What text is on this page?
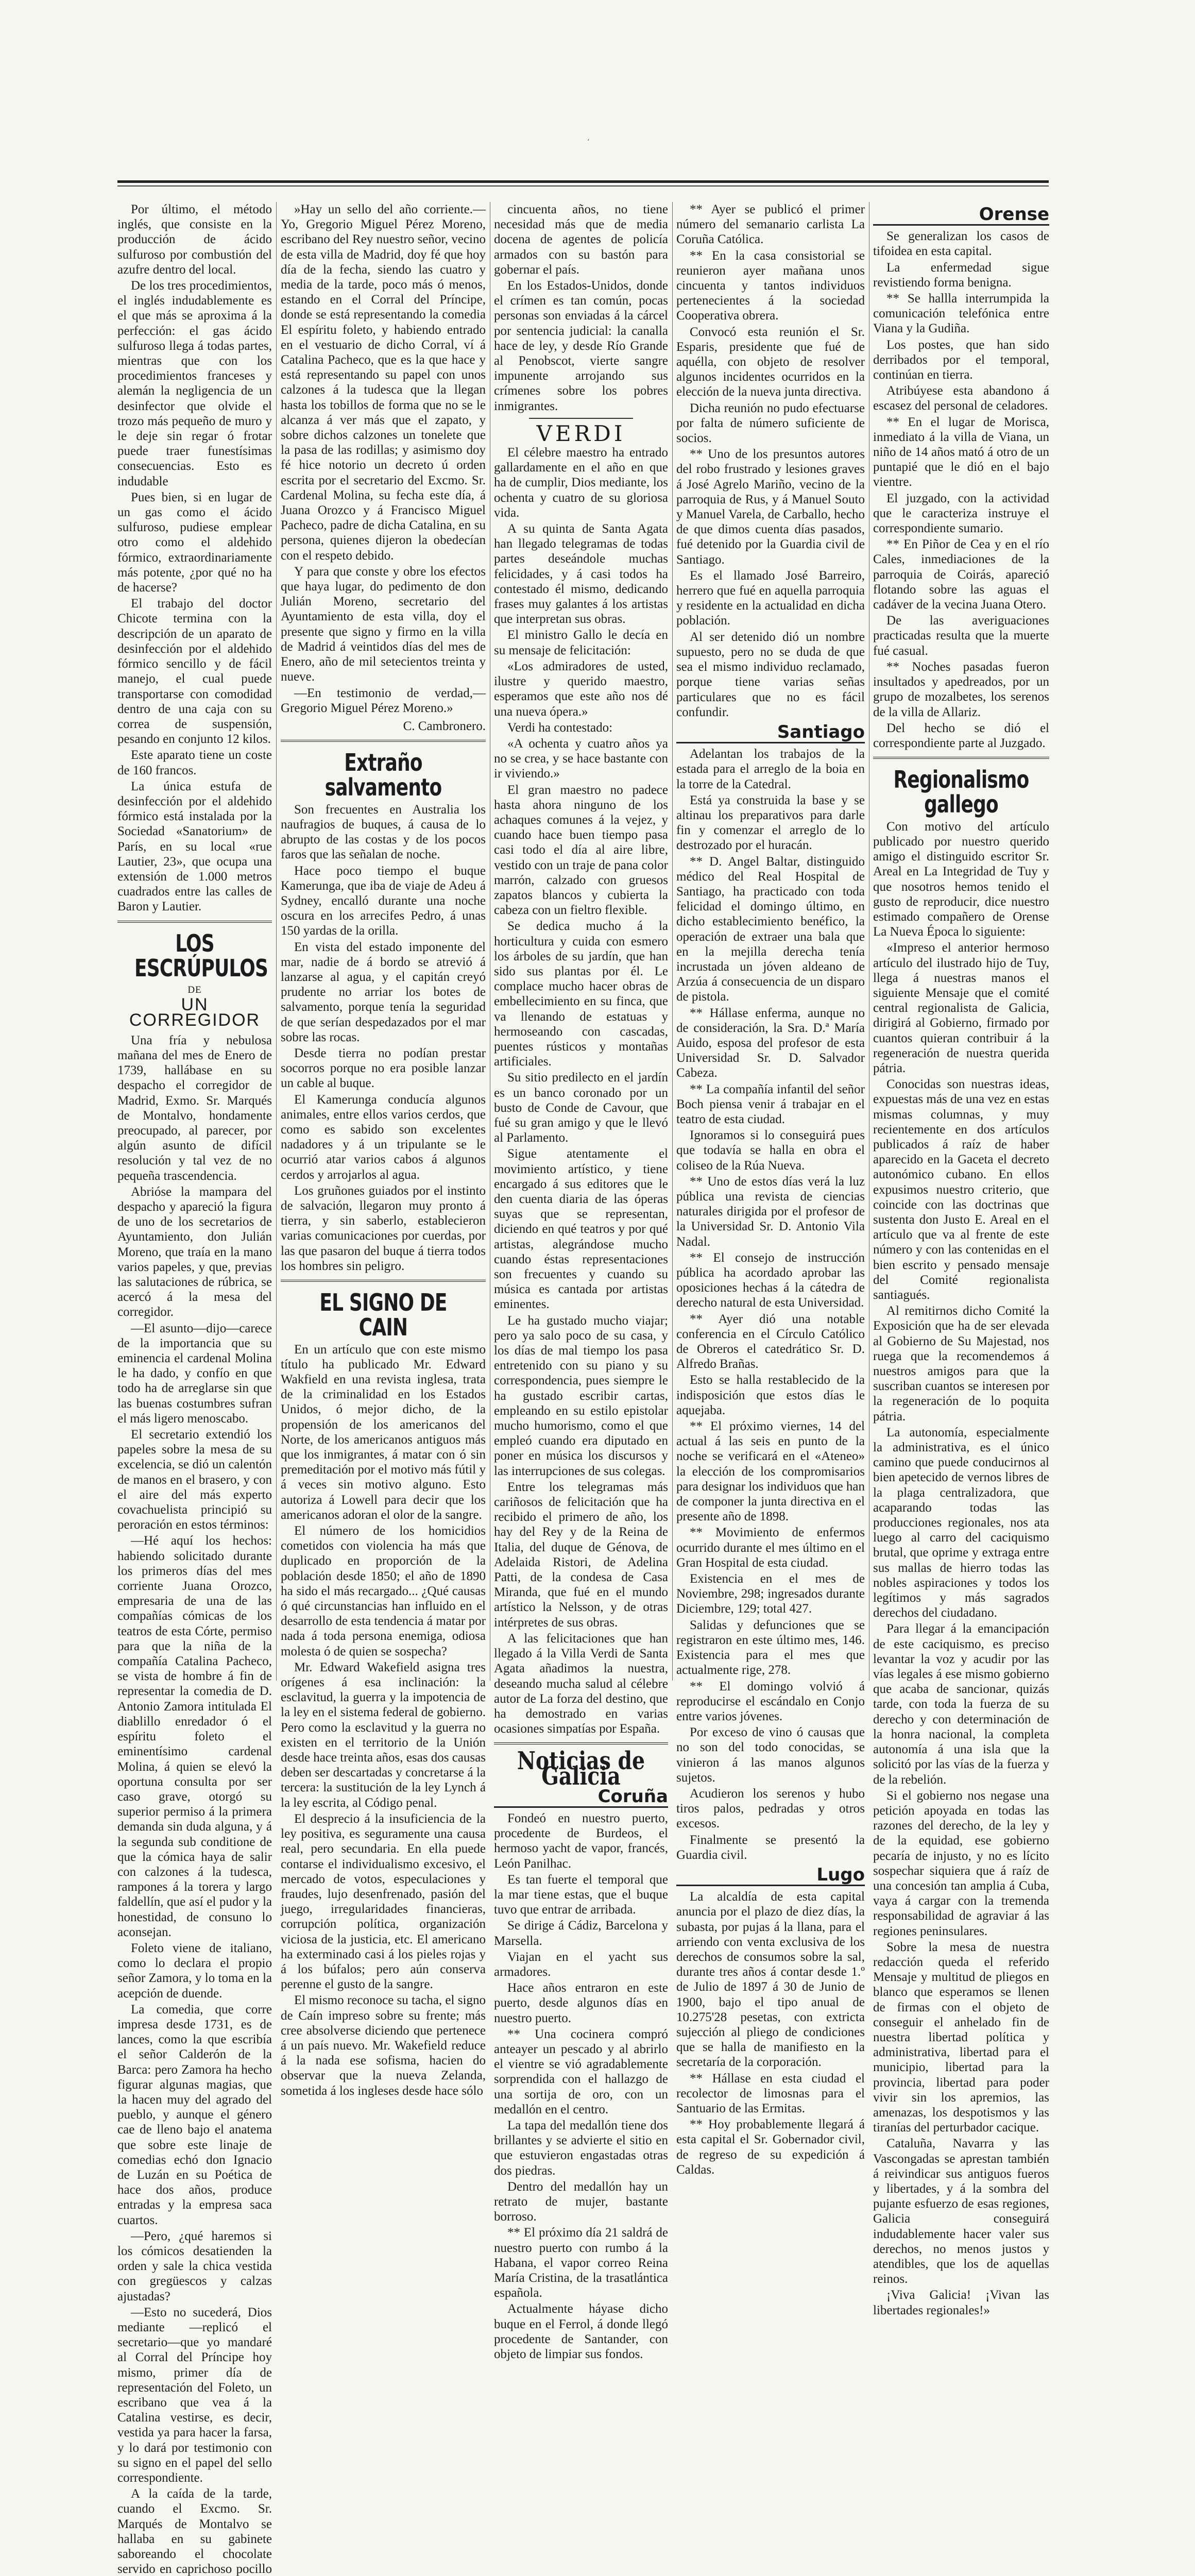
‘

Por último, el método inglés, que consiste en la producción de ácido sulfuroso por combustión del azufre dentro del local.

De los tres procedimientos, el inglés indudablemente es el que más se aproxima á la perfección: el gas ácido sulfuroso llega á todas partes, mientras que con los procedimientos franceses y alemán la negligencia de un desinfector que olvide el trozo más pequeño de muro y le deje sin regar ó frotar puede traer funestísimas consecuencias. Esto es indudable

Pues bien, si en lugar de un gas como el ácido sulfuroso, pudiese emplear otro como el aldehido fórmico, extraordinariamente más potente, ¿por qué no ha de hacerse?

El trabajo del doctor Chicote termina con la descripción de un aparato de desinfección por el aldehido fórmico sencillo y de fácil manejo, el cual puede transportarse con comodidad dentro de una caja con su correa de suspensión, pesando en conjunto 12 kilos.

Este aparato tiene un coste de 160 francos.

La única estufa de desinfección por el aldehido fórmico está instalada por la Sociedad «Sanatorium» de París, en su local «rue Lautier, 23», que ocupa una extensión de 1.000 metros cuadrados entre las calles de Baron y Lautier.

LOS ESCRÚPULOS
DE
UN CORREGIDOR

Una fría y nebulosa mañana del mes de Enero de 1739, hallábase en su despacho el corregidor de Madrid, Exmo. Sr. Marqués de Montalvo, hondamente preocupado, al parecer, por algún asunto de difícil resolución y tal vez de no pequeña trascendencia.

Abrióse la mampara del despacho y apareció la figura de uno de los secretarios de Ayuntamiento, don Julián Moreno, que traía en la mano varios papeles, y que, previas las salutaciones de rúbrica, se acercó á la mesa del corregidor.

—El asunto—dijo—carece de la importancia que su eminencia el cardenal Molina le ha dado, y confío en que todo ha de arreglarse sin que las buenas costumbres sufran el más ligero menoscabo.

El secretario extendió los papeles sobre la mesa de su excelencia, se dió un calentón de manos en el brasero, y con el aire del más experto covachuelista principió su peroración en estos términos:

—Hé aquí los hechos: habiendo solicitado durante los primeros días del mes corriente Juana Orozco, empresaria de una de las compañías cómicas de los teatros de esta Córte, permiso para que la niña de la compañía Catalina Pacheco, se vista de hombre á fin de representar la comedia de D. Antonio Zamora intitulada El diablillo enredador ó el espíritu foleto el eminentísimo cardenal Molina, á quien se elevó la oportuna consulta por ser caso grave, otorgó su superior permiso á la primera demanda sin duda alguna, y á la segunda sub conditione de que la cómica haya de salir con calzones á la tudesca, rampones á la torera y largo faldellín, que así el pudor y la honestidad, de consuno lo aconsejan.

Foleto viene de italiano, como lo declara el propio señor Zamora, y lo toma en la acepción de duende.

La comedia, que corre impresa desde 1731, es de lances, como la que escribía el señor Calderón de la Barca: pero Zamora ha hecho figurar algunas magias, que la hacen muy del agrado del pueblo, y aunque el género cae de lleno bajo el anatema que sobre este linaje de comedias echó don Ignacio de Luzán en su Poética de hace dos años, produce entradas y la empresa saca cuartos.

—Pero, ¿qué haremos si los cómicos desatienden la orden y sale la chica vestida con gregüescos y calzas ajustadas?

—Esto no sucederá, Dios mediante —replicó el secretario—que yo mandaré al Corral del Príncipe hoy mismo, primer día de representación del Foleto, un escribano que vea á la Catalina vestirse, es decir, vestida ya para hacer la farsa, y lo dará por testimonio con su signo en el papel del sello correspondiente.

A la caída de la tarde, cuando el Excmo. Sr. Marqués de Montalvo se hallaba en su gabinete saboreando el chocolate servido en caprichoso pocillo

»Hay un sello del año corriente.—Yo, Gregorio Miguel Pérez Moreno, escribano del Rey nuestro señor, vecino de esta villa de Madrid, doy fé que hoy día de la fecha, siendo las cuatro y media de la tarde, poco más ó menos, estando en el Corral del Príncipe, donde se está representando la comedia El espíritu foleto, y habiendo entrado en el vestuario de dicho Corral, ví á Catalina Pacheco, que es la que hace y está representando su papel con unos calzones á la tudesca que la llegan hasta los tobillos de forma que no se le alcanza á ver más que el zapato, y sobre dichos calzones un tonelete que la pasa de las rodillas; y asimismo doy fé hice notorio un decreto ú orden escrita por el secretario del Excmo. Sr. Cardenal Molina, su fecha este día, á Juana Orozco y á Francisco Miguel Pacheco, padre de dicha Catalina, en su persona, quienes dijeron la obedecían con el respeto debido.

Y para que conste y obre los efectos que haya lugar, do pedimento de don Julián Moreno, secretario del Ayuntamiento de esta villa, doy el presente que signo y firmo en la villa de Madrid á veintidos días del mes de Enero, año de mil setecientos treinta y nueve.

—En testimonio de verdad,—Gregorio Miguel Pérez Moreno.»

C. Cambronero.

Extraño salvamento

Son frecuentes en Australia los naufragios de buques, á causa de lo abrupto de las costas y de los pocos faros que las señalan de noche.

Hace poco tiempo el buque Kamerunga, que iba de viaje de Adeu á Sydney, encalló durante una noche oscura en los arrecifes Pedro, á unas 150 yardas de la orilla.

En vista del estado imponente del mar, nadie de á bordo se atrevió á lanzarse al agua, y el capitán creyó prudente no arriar los botes de salvamento, porque tenía la seguridad de que serían despedazados por el mar sobre las rocas.

Desde tierra no podían prestar socorros porque no era posible lanzar un cable al buque.

El Kamerunga conducía algunos animales, entre ellos varios cerdos, que como es sabido son excelentes nadadores y á un tripulante se le ocurrió atar varios cabos á algunos cerdos y arrojarlos al agua.

Los gruñones guiados por el instinto de salvación, llegaron muy pronto á tierra, y sin saberlo, establecieron varias comunicaciones por cuerdas, por las que pasaron del buque á tierra todos los hombres sin peligro.

EL SIGNO DE CAIN

En un artículo que con este mismo título ha publicado Mr. Edward Wakfield en una revista inglesa, trata de la criminalidad en los Estados Unidos, ó mejor dicho, de la propensión de los americanos del Norte, de los americanos antiguos más que los inmigrantes, á matar con ó sin premeditación por el motivo más fútil y á veces sin motivo alguno. Esto autoriza á Lowell para decir que los americanos adoran el olor de la sangre.

El número de los homicidios cometidos con violencia ha más que duplicado en proporción de la población desde 1850; el año de 1890 ha sido el más recargado... ¿Qué causas ó qué circunstancias han influido en el desarrollo de esta tendencia á matar por nada á toda persona enemiga, odiosa molesta ó de quien se sospecha?

Mr. Edward Wakefield asigna tres orígenes á esa inclinación: la esclavitud, la guerra y la impotencia de la ley en el sistema federal de gobierno. Pero como la esclavitud y la guerra no existen en el territorio de la Unión desde hace treinta años, esas dos causas deben ser descartadas y concretarse á la tercera: la sustitución de la ley Lynch á la ley escrita, al Código penal.

El desprecio á la insuficiencia de la ley positiva, es seguramente una causa real, pero secundaria. En ella puede contarse el individualismo excesivo, el mercado de votos, especulaciones y fraudes, lujo desenfrenado, pasión del juego, irregularidades financieras, corrupción política, organización viciosa de la justicia, etc. El americano ha exterminado casi á los pieles rojas y á los búfalos; pero aún conserva perenne el gusto de la sangre.

El mismo reconoce su tacha, el signo de Caín impreso sobre su frente; más cree absolverse diciendo que pertenece á un país nuevo. Mr. Wakefield reduce á la nada ese sofisma, hacien do observar que la nueva Zelanda, sometida á los ingleses desde hace sólo

cincuenta años, no tiene necesidad más que de media docena de agentes de policía armados con su bastón para gobernar el país.

En los Estados-Unidos, donde el crímen es tan común, pocas personas son enviadas á la cárcel por sentencia judicial: la canalla hace de ley, y desde Río Grande al Penobscot, vierte sangre impunente arrojando sus crímenes sobre los pobres inmigrantes.

VERDI

El célebre maestro ha entrado gallardamente en el año en que ha de cumplir, Dios mediante, los ochenta y cuatro de su gloriosa vida.

A su quinta de Santa Agata han llegado telegramas de todas partes deseándole muchas felicidades, y á casi todos ha contestado él mismo, dedicando frases muy galantes á los artistas que interpretan sus obras.

El ministro Gallo le decía en su mensaje de felicitación:

«Los admiradores de usted, ilustre y querido maestro, esperamos que este año nos dé una nueva ópera.»

Verdi ha contestado:

«A ochenta y cuatro años ya no se crea, y se hace bastante con ir viviendo.»

El gran maestro no padece hasta ahora ninguno de los achaques comunes á la vejez, y cuando hace buen tiempo pasa casi todo el día al aire libre, vestido con un traje de pana color marrón, calzado con gruesos zapatos blancos y cubierta la cabeza con un fieltro flexible.

Se dedica mucho á la horticultura y cuida con esmero los árboles de su jardín, que han sido sus plantas por él. Le complace mucho hacer obras de embellecimiento en su finca, que va llenando de estatuas y hermoseando con cascadas, puentes rústicos y montañas artificiales.

Su sitio predilecto en el jardín es un banco coronado por un busto de Conde de Cavour, que fué su gran amigo y que le llevó al Parlamento.

Sigue atentamente el movimiento artístico, y tiene encargado á sus editores que le den cuenta diaria de las óperas suyas que se representan, diciendo en qué teatros y por qué artistas, alegrándose mucho cuando éstas representaciones son frecuentes y cuando su música es cantada por artistas eminentes.

Le ha gustado mucho viajar; pero ya salo poco de su casa, y los días de mal tiempo los pasa entretenido con su piano y su correspondencia, pues siempre le ha gustado escribir cartas, empleando en su estilo epistolar mucho humorismo, como el que empleó cuando era diputado en poner en música los discursos y las interrupciones de sus colegas.

Entre los telegramas más cariñosos de felicitación que ha recibido el primero de año, los hay del Rey y de la Reina de Italia, del duque de Génova, de Adelaida Ristori, de Adelina Patti, de la condesa de Casa Miranda, que fué en el mundo artístico la Nelsson, y de otras intérpretes de sus obras.

A las felicitaciones que han llegado á la Villa Verdi de Santa Agata añadimos la nuestra, deseando mucha salud al célebre autor de La forza del destino, que ha demostrado en varias ocasiones simpatías por España.

Noticias de Galicia
Coruña

Fondeó en nuestro puerto, procedente de Burdeos, el hermoso yacht de vapor, francés, León Panilhac.

Es tan fuerte el temporal que la mar tiene estas, que el buque tuvo que entrar de arribada.

Se dirige á Cádiz, Barcelona y Marsella.

Viajan en el yacht sus armadores.

Hace años entraron en este puerto, desde algunos días en nuestro puerto.

** Una cocinera compró anteayer un pescado y al abrirlo el vientre se vió agradablemente sorprendida con el hallazgo de una sortija de oro, con un medallón en el centro.

La tapa del medallón tiene dos brillantes y se advierte el sitio en que estuvieron engastadas otras dos piedras.

Dentro del medallón hay un retrato de mujer, bastante borroso.

** El próximo día 21 saldrá de nuestro puerto con rumbo á la Habana, el vapor correo Reina María Cristina, de la trasatlántica española.

Actualmente háyase dicho buque en el Ferrol, á donde llegó procedente de Santander, con objeto de limpiar sus fondos.

** Ayer se publicó el primer número del semanario carlista La Coruña Católica.

** En la casa consistorial se reunieron ayer mañana unos cincuenta y tantos individuos pertenecientes á la sociedad Cooperativa obrera.

Convocó esta reunión el Sr. Esparis, presidente que fué de aquélla, con objeto de resolver algunos incidentes ocurridos en la elección de la nueva junta directiva.

Dicha reunión no pudo efectuarse por falta de número suficiente de socios.

** Uno de los presuntos autores del robo frustrado y lesiones graves á José Agrelo Mariño, vecino de la parroquia de Rus, y á Manuel Souto y Manuel Varela, de Carballo, hecho de que dimos cuenta días pasados, fué detenido por la Guardia civil de Santiago.

Es el llamado José Barreiro, herrero que fué en aquella parroquia y residente en la actualidad en dicha población.

Al ser detenido dió un nombre supuesto, pero no se duda de que sea el mismo individuo reclamado, porque tiene varias señas particulares que no es fácil confundir.

Santiago

Adelantan los trabajos de la estada para el arreglo de la boia en la torre de la Catedral.

Está ya construida la base y se altinau los preparativos para darle fin y comenzar el arreglo de lo destrozado por el huracán.

** D. Angel Baltar, distinguido médico del Real Hospital de Santiago, ha practicado con toda felicidad el domingo último, en dicho establecimiento benéfico, la operación de extraer una bala que en la mejilla derecha tenía incrustada un jóven aldeano de Arzúa á consecuencia de un disparo de pistola.

** Hállase enferma, aunque no de consideración, la Sra. D.ª María Auido, esposa del profesor de esta Universidad Sr. D. Salvador Cabeza.

** La compañía infantil del señor Boch piensa venir á trabajar en el teatro de esta ciudad.

Ignoramos si lo conseguirá pues que todavía se halla en obra el coliseo de la Rúa Nueva.

** Uno de estos días verá la luz pública una revista de ciencias naturales dirigida por el profesor de la Universidad Sr. D. Antonio Vila Nadal.

** El consejo de instrucción pública ha acordado aprobar las oposiciones hechas á la cátedra de derecho natural de esta Universidad.

** Ayer dió una notable conferencia en el Círculo Católico de Obreros el catedrático Sr. D. Alfredo Brañas.

Esto se halla restablecido de la indisposición que estos días le aquejaba.

** El próximo viernes, 14 del actual á las seis en punto de la noche se verificará en el «Ateneo» la elección de los compromisarios para designar los individuos que han de componer la junta directiva en el presente año de 1898.

** Movimiento de enfermos ocurrido durante el mes último en el Gran Hospital de esta ciudad.

Existencia en el mes de Noviembre, 298; ingresados durante Diciembre, 129; total 427.

Salidas y defunciones que se registraron en este último mes, 146. Existencia para el mes que actualmente rige, 278.

** El domingo volvió á reproducirse el escándalo en Conjo entre varios jóvenes.

Por exceso de vino ó causas que no son del todo conocidas, se vinieron á las manos algunos sujetos.

Acudieron los serenos y hubo tiros palos, pedradas y otros excesos.

Finalmente se presentó la Guardia civil.

Lugo

La alcaldía de esta capital anuncia por el plazo de diez días, la subasta, por pujas á la llana, para el arriendo con venta exclusiva de los derechos de consumos sobre la sal, durante tres años á contar desde 1.º de Julio de 1897 á 30 de Junio de 1900, bajo el tipo anual de 10.275'28 pesetas, con extricta sujección al pliego de condiciones que se halla de manifiesto en la secretaría de la corporación.

** Hállase en esta ciudad el recolector de limosnas para el Santuario de las Ermitas.

** Hoy probablemente llegará á esta capital el Sr. Gobernador civil, de regreso de su expedición á Caldas.

Orense

Se generalizan los casos de tifoidea en esta capital.

La enfermedad sigue revistiendo forma benigna.

** Se hallla interrumpida la comunicación telefónica entre Viana y la Gudiña.

Los postes, que han sido derribados por el temporal, continúan en tierra.

Atribúyese esta abandono á escasez del personal de celadores.

** En el lugar de Morisca, inmediato á la villa de Viana, un niño de 14 años mató á otro de un puntapié que le dió en el bajo vientre.

El juzgado, con la actividad que le caracteriza instruye el correspondiente sumario.

** En Piñor de Cea y en el río Cales, inmediaciones de la parroquia de Coirás, apareció flotando sobre las aguas el cadáver de la vecina Juana Otero.

De las averiguaciones practicadas resulta que la muerte fué casual.

** Noches pasadas fueron insultados y apedreados, por un grupo de mozalbetes, los serenos de la villa de Allariz.

Del hecho se dió el correspondiente parte al Juzgado.

Regionalismo gallego

Con motivo del artículo publicado por nuestro querido amigo el distinguido escritor Sr. Areal en La Integridad de Tuy y que nosotros hemos tenido el gusto de reproducir, dice nuestro estimado compañero de Orense La Nueva Época lo siguiente:

«Impreso el anterior hermoso artículo del ilustrado hijo de Tuy, llega á nuestras manos el siguiente Mensaje que el comité central regionalista de Galicia, dirigirá al Gobierno, firmado por cuantos quieran contribuir á la regeneración de nuestra querida pátria.

Conocidas son nuestras ideas, expuestas más de una vez en estas mismas columnas, y muy recientemente en dos artículos publicados á raíz de haber aparecido en la Gaceta el decreto autonómico cubano. En ellos expusimos nuestro criterio, que coincide con las doctrinas que sustenta don Justo E. Areal en el artículo que va al frente de este número y con las contenidas en el bien escrito y pensado mensaje del Comité regionalista santiagués.

Al remitirnos dicho Comité la Exposición que ha de ser elevada al Gobierno de Su Majestad, nos ruega que la recomendemos á nuestros amigos para que la suscriban cuantos se interesen por la regeneración de lo poquita pátria.

La autonomía, especialmente la administrativa, es el único camino que puede conducirnos al bien apetecido de vernos libres de la plaga centralizadora, que acaparando todas las producciones regionales, nos ata luego al carro del caciquismo brutal, que oprime y extraga entre sus mallas de hierro todas las nobles aspiraciones y todos los legítimos y más sagrados derechos del ciudadano.

Para llegar á la emancipación de este caciquismo, es preciso levantar la voz y acudir por las vías legales á ese mismo gobierno que acaba de sancionar, quizás tarde, con toda la fuerza de su derecho y con determinación de la honra nacional, la completa autonomía á una isla que la solicitó por las vías de la fuerza y de la rebelión.

Si el gobierno nos negase una petición apoyada en todas las razones del derecho, de la ley y de la equidad, ese gobierno pecaría de injusto, y no es lícito sospechar siquiera que á raíz de una concesión tan amplia á Cuba, vaya á cargar con la tremenda responsabilidad de agraviar á las regiones peninsulares.

Sobre la mesa de nuestra redacción queda el referido Mensaje y multitud de pliegos en blanco que esperamos se llenen de firmas con el objeto de conseguir el anhelado fin de nuestra libertad política y administrativa, libertad para el municipio, libertad para la provincia, libertad para poder vivir sin los apremios, las amenazas, los despotismos y las tiranías del perturbador cacique.

Cataluña, Navarra y las Vascongadas se aprestan también á reivindicar sus antiguos fueros y libertades, y á la sombra del pujante esfuerzo de esas regiones, Galicia conseguirá indudablemente hacer valer sus derechos, no menos justos y atendibles, que los de aquellas reinos.

¡Viva Galicia! ¡Vivan las libertades regionales!»
